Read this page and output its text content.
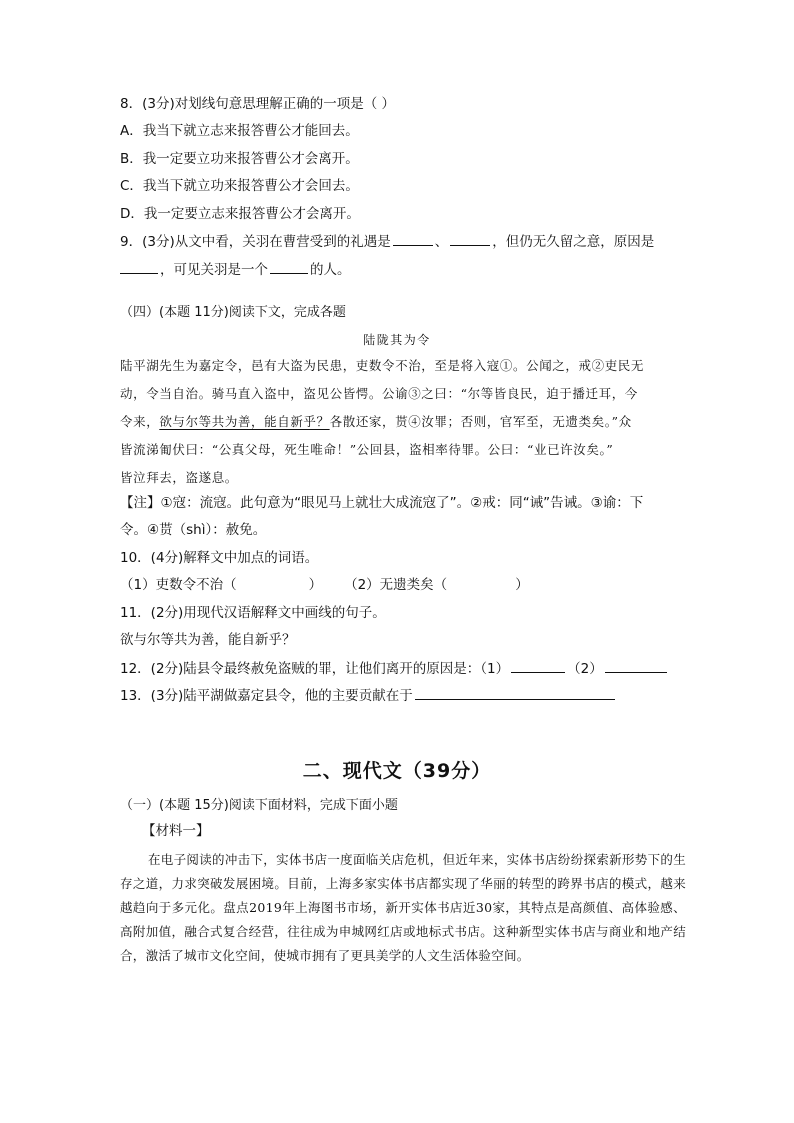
8．(3分)对划线句意思理解正确的一项是（ ）
A．我当下就立志来报答曹公才能回去。
B．我一定要立功来报答曹公才会离开。
C．我当下就立功来报答曹公才会回去。
D．我一定要立志来报答曹公才会离开。
9．(3分)从文中看，关羽在曹营受到的礼遇是	、	，但仍无久留之意，原因是
，可见关羽是一个	的人。
（四）(本题 11分)阅读下文，完成各题
陆陇其为令
陆平湖先生为嘉定令，邑有大盗为民患，吏数令不治，至是将入寇①。公闻之，戒②吏民无
动，令当自治。骑马直入盗中，盗见公皆愕。公谕③之曰：“尔等皆良民，迫于播迁耳，今
令来，欲与尔等共为善，能自新乎？各散还家，贳④汝罪；否则，官军至，无遗类矣。”众
皆流涕匍伏曰：“公真父母，死生唯命！”公回县，盗相率待罪。公曰：“业已许汝矣。”
皆泣拜去，盗遂息。
【注】①寇：流寇。此句意为“眼见马上就壮大成流寇了”。②戒：同“诫”告诫。③谕：下
令。④贳（shì）：赦免。
10．(4分)解释文中加点的词语。
（1）吏数令不治（	） （2）无遗类矣（	）
11．(2分)用现代汉语解释文中画线的句子。
欲与尔等共为善，能自新乎？
12．(2分)陆县令最终赦免盗贼的罪，让他们离开的原因是：（1）	（2）
13．(3分)陆平湖做嘉定县令，他的主要贡献在于
二、现代文（39分）
（一）(本题 15分)阅读下面材料，完成下面小题
【材料一】

在电子阅读的冲击下，实体书店一度面临关店危机，但近年来，实体书店纷纷探索新形势下的生存之道，力求突破发展困境。目前，上海多家实体书店都实现了华丽的转型的跨界书店的模式，越来越趋向于多元化。盘点2019年上海图书市场，新开实体书店近30家，其特点是高颜值、高体验感、高附加值，融合式复合经营，往往成为申城网红店或地标式书店。这种新型实体书店与商业和地产结合，激活了城市文化空间，使城市拥有了更具美学的人文生活体验空间。
